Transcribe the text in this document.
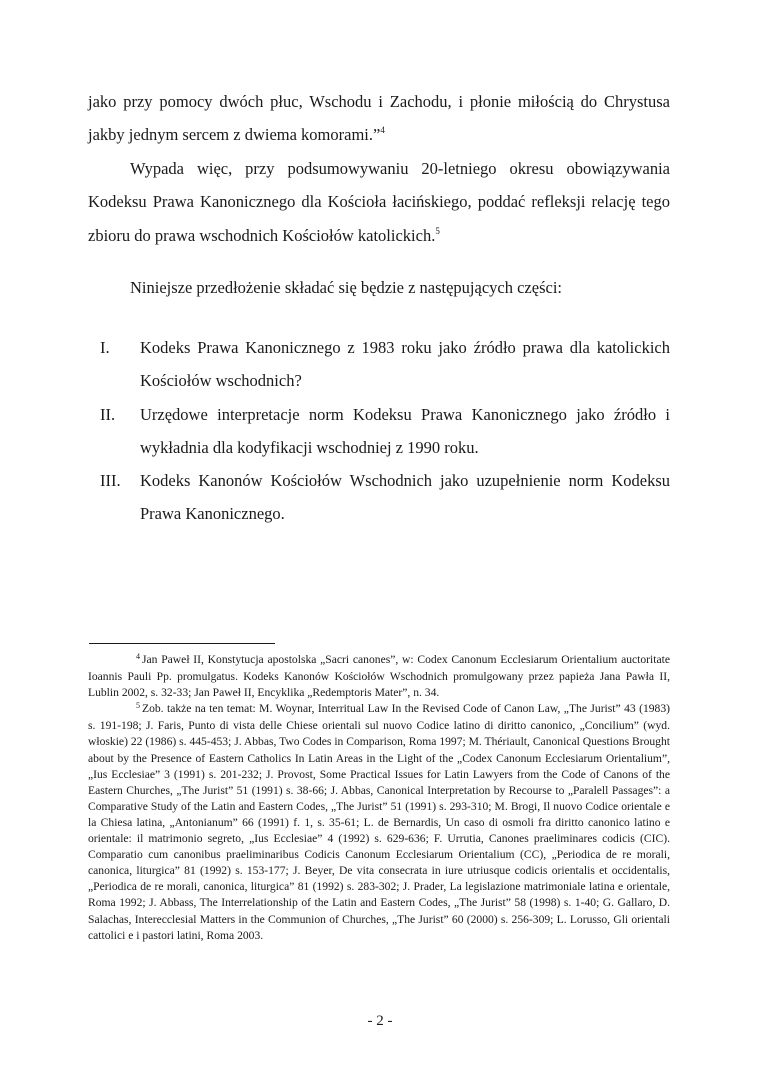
jako przy pomocy dwóch płuc, Wschodu i Zachodu, i płonie miłością do Chrystusa jakby jednym sercem z dwiema komorami.”$^4$

Wypada więc, przy podsumowywaniu 20-letniego okresu obowiązywania Kodeksu Prawa Kanonicznego dla Kościoła łacińskiego, poddać refleksji relację tego zbioru do prawa wschodnich Kościołów katolickich.$^5$

Niniejsze przedłożenie składać się będzie z następujących części:

I.	Kodeks Prawa Kanonicznego z 1983 roku jako źródło prawa dla katolickich Kościołów wschodnich?
II.	Urzędowe interpretacje norm Kodeksu Prawa Kanonicznego jako źródło i wykładnia dla kodyfikacji wschodniej z 1990 roku.
III.	Kodeks Kanonów Kościołów Wschodnich jako uzupełnienie norm Kodeksu Prawa Kanonicznego.

$^4$ Jan Paweł II, Konstytucja apostolska „Sacri canones”, w: Codex Canonum Ecclesiarum Orientalium auctoritate Ioannis Pauli Pp. promulgatus. Kodeks Kanonów Kościołów Wschodnich promulgowany przez papieża Jana Pawła II, Lublin 2002, s. 32-33; Jan Paweł II, Encyklika „Redemptoris Mater”, n. 34.

$^5$ Zob. także na ten temat: M. Woynar, Interritual Law In the Revised Code of Canon Law, „The Jurist” 43 (1983) s. 191-198; J. Faris, Punto di vista delle Chiese orientali sul nuovo Codice latino di diritto canonico, „Concilium” (wyd. włoskie) 22 (1986) s. 445-453; J. Abbas, Two Codes in Comparison, Roma 1997; M. Thériault, Canonical Questions Brought about by the Presence of Eastern Catholics In Latin Areas in the Light of the „Codex Canonum Ecclesiarum Orientalium”, „Ius Ecclesiae” 3 (1991) s. 201-232; J. Provost, Some Practical Issues for Latin Lawyers from the Code of Canons of the Eastern Churches, „The Jurist” 51 (1991) s. 38-66; J. Abbas, Canonical Interpretation by Recourse to „Paralell Passages”: a Comparative Study of the Latin and Eastern Codes, „The Jurist” 51 (1991) s. 293-310; M. Brogi, Il nuovo Codice orientale e la Chiesa latina, „Antonianum” 66 (1991) f. 1, s. 35-61; L. de Bernardis, Un caso di osmoli fra diritto canonico latino e orientale: il matrimonio segreto, „Ius Ecclesiae” 4 (1992) s. 629-636; F. Urrutia, Canones praeliminares codicis (CIC). Comparatio cum canonibus praeliminaribus Codicis Canonum Ecclesiarum Orientalium (CC), „Periodica de re morali, canonica, liturgica” 81 (1992) s. 153-177; J. Beyer, De vita consecrata in iure utriusque codicis orientalis et occidentalis, „Periodica de re morali, canonica, liturgica” 81 (1992) s. 283-302; J. Prader, La legislazione matrimoniale latina e orientale, Roma 1992; J. Abbass, The Interrelationship of the Latin and Eastern Codes, „The Jurist” 58 (1998) s. 1-40; G. Gallaro, D. Salachas, Interecclesial Matters in the Communion of Churches, „The Jurist” 60 (2000) s. 256-309; L. Lorusso, Gli orientali cattolici e i pastori latini, Roma 2003.

- 2 -
